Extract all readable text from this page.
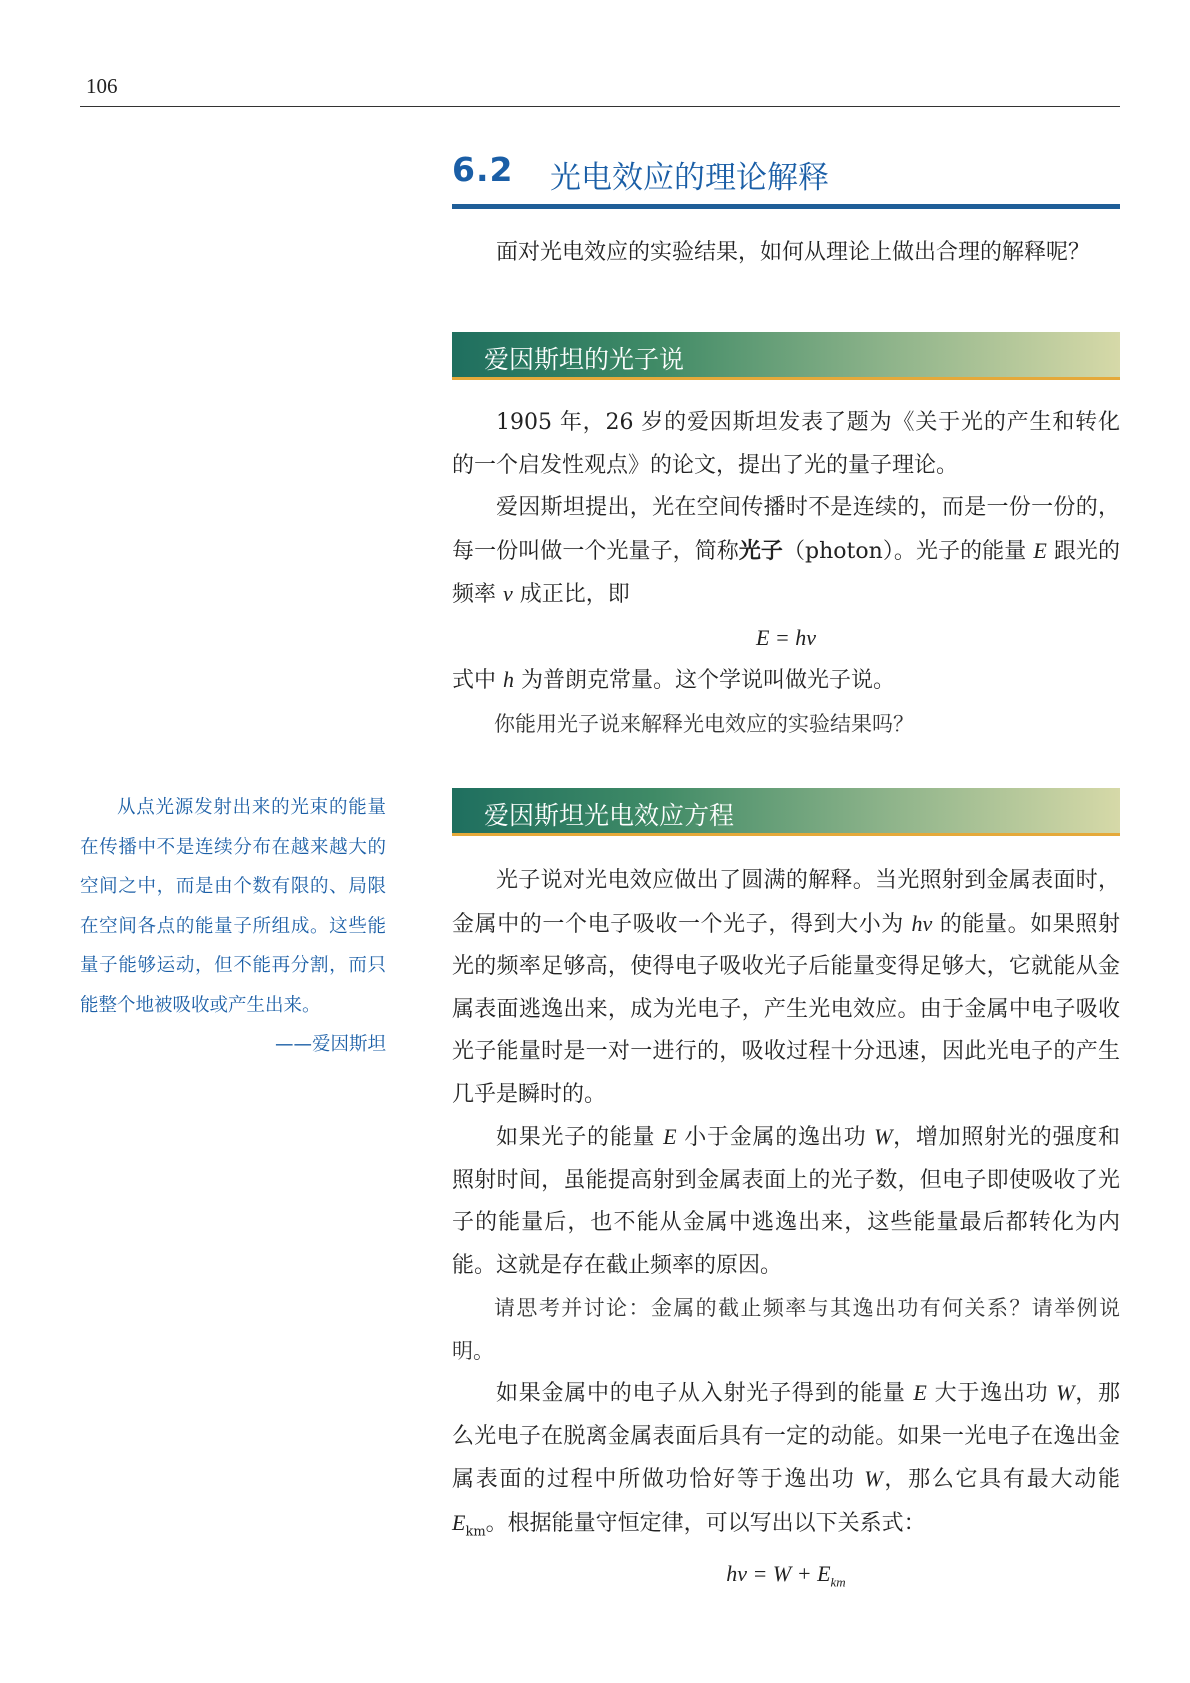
106
6.2 光电效应的理论解释

面对光电效应的实验结果，如何从理论上做出合理的解释呢？

爱因斯坦的光子说

1905 年，26 岁的爱因斯坦发表了题为《关于光的产生和转化的一个启发性观点》的论文，提出了光的量子理论。

爱因斯坦提出，光在空间传播时不是连续的，而是一份一份的，每一份叫做一个光量子，简称光子（photon）。光子的能量 E 跟光的频率 ν 成正比，即

E = hν

式中 h 为普朗克常量。这个学说叫做光子说。

你能用光子说来解释光电效应的实验结果吗？

爱因斯坦光电效应方程

光子说对光电效应做出了圆满的解释。当光照射到金属表面时，金属中的一个电子吸收一个光子，得到大小为 hν 的能量。如果照射光的频率足够高，使得电子吸收光子后能量变得足够大，它就能从金属表面逃逸出来，成为光电子，产生光电效应。由于金属中电子吸收光子能量时是一对一进行的，吸收过程十分迅速，因此光电子的产生几乎是瞬时的。

如果光子的能量 E 小于金属的逸出功 W，增加照射光的强度和照射时间，虽能提高射到金属表面上的光子数，但电子即使吸收了光子的能量后，也不能从金属中逃逸出来，这些能量最后都转化为内能。这就是存在截止频率的原因。

请思考并讨论：金属的截止频率与其逸出功有何关系？请举例说明。

如果金属中的电子从入射光子得到的能量 E 大于逸出功 W，那么光电子在脱离金属表面后具有一定的动能。如果一光电子在逸出金属表面的过程中所做功恰好等于逸出功 W，那么它具有最大动能 $E_{km}$。根据能量守恒定律，可以写出以下关系式：

$h\nu = W + E_{km}$

从点光源发射出来的光束的能量在传播中不是连续分布在越来越大的空间之中，而是由个数有限的、局限在空间各点的能量子所组成。这些能量子能够运动，但不能再分割，而只能整个地被吸收或产生出来。

——爱因斯坦
